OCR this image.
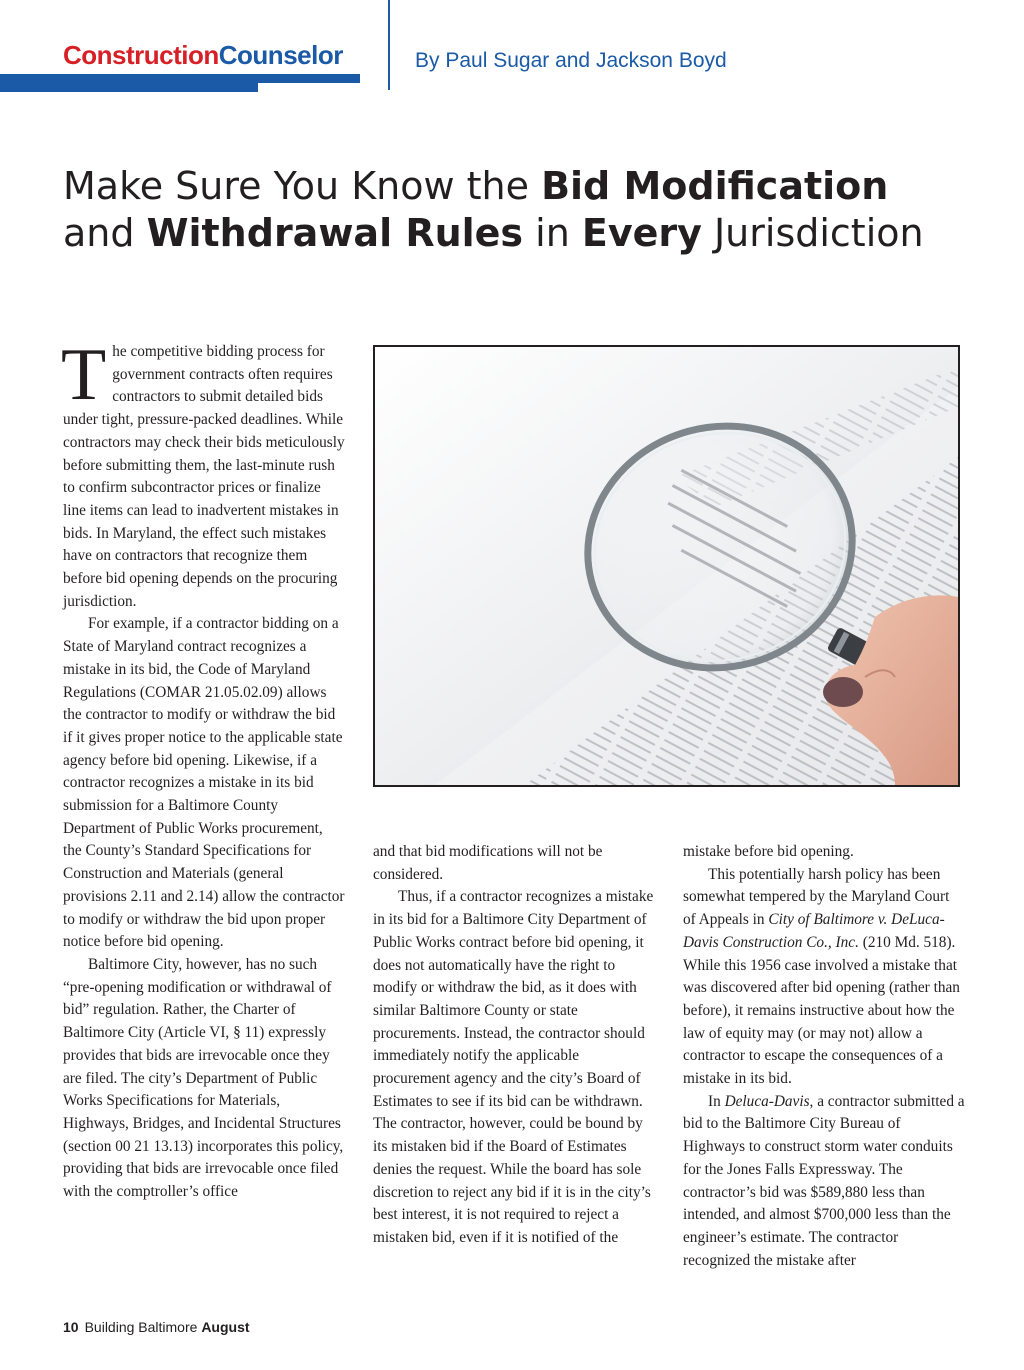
ConstructionCounselor	By Paul Sugar and Jackson Boyd
Make Sure You Know the Bid Modification
and Withdrawal Rules in Every Jurisdiction

The competitive bidding process for government contracts often requires contractors to submit detailed bids under tight, pressure-packed deadlines. While contractors may check their bids meticulously before submitting them, the last-minute rush to confirm subcontractor prices or finalize line items can lead to inadvertent mistakes in bids. In Maryland, the effect such mistakes have on contractors that recognize them before bid opening depends on the procuring jurisdiction.

For example, if a contractor bidding on a State of Maryland contract recognizes a mistake in its bid, the Code of Maryland Regulations (COMAR 21.05.02.09) allows the contractor to modify or withdraw the bid if it gives proper notice to the applicable state agency before bid opening. Likewise, if a contractor recognizes a mistake in its bid submission for a Baltimore County Department of Public Works procurement, the County’s Standard Specifications for Construction and Materials (general provisions 2.11 and 2.14) allow the contractor to modify or withdraw the bid upon proper notice before bid opening.

Baltimore City, however, has no such “pre-opening modification or withdrawal of bid” regulation. Rather, the Charter of Baltimore City (Article VI, § 11) expressly provides that bids are irrevocable once they are filed. The city’s Department of Public Works Specifications for Materials, Highways, Bridges, and Incidental Structures (section 00 21 13.13) incorporates this policy, providing that bids are irrevocable once filed with the comptroller’s office

and that bid modifications will not be considered.

Thus, if a contractor recognizes a mistake in its bid for a Baltimore City Department of Public Works contract before bid opening, it does not automatically have the right to modify or withdraw the bid, as it does with similar Baltimore County or state procurements. Instead, the contractor should immediately notify the applicable procurement agency and the city’s Board of Estimates to see if its bid can be withdrawn. The contractor, however, could be bound by its mistaken bid if the Board of Estimates denies the request. While the board has sole discretion to reject any bid if it is in the city’s best interest, it is not required to reject a mistaken bid, even if it is notified of the

mistake before bid opening.

This potentially harsh policy has been somewhat tempered by the Maryland Court of Appeals in City of Baltimore v. DeLuca-Davis Construction Co., Inc. (210 Md. 518). While this 1956 case involved a mistake that was discovered after bid opening (rather than before), it remains instructive about how the law of equity may (or may not) allow a contractor to escape the consequences of a mistake in its bid.

In Deluca-Davis, a contractor submitted a bid to the Baltimore City Bureau of Highways to construct storm water conduits for the Jones Falls Expressway. The contractor’s bid was $589,880 less than intended, and almost $700,000 less than the engineer’s estimate. The contractor recognized the mistake after

10 Building Baltimore August
